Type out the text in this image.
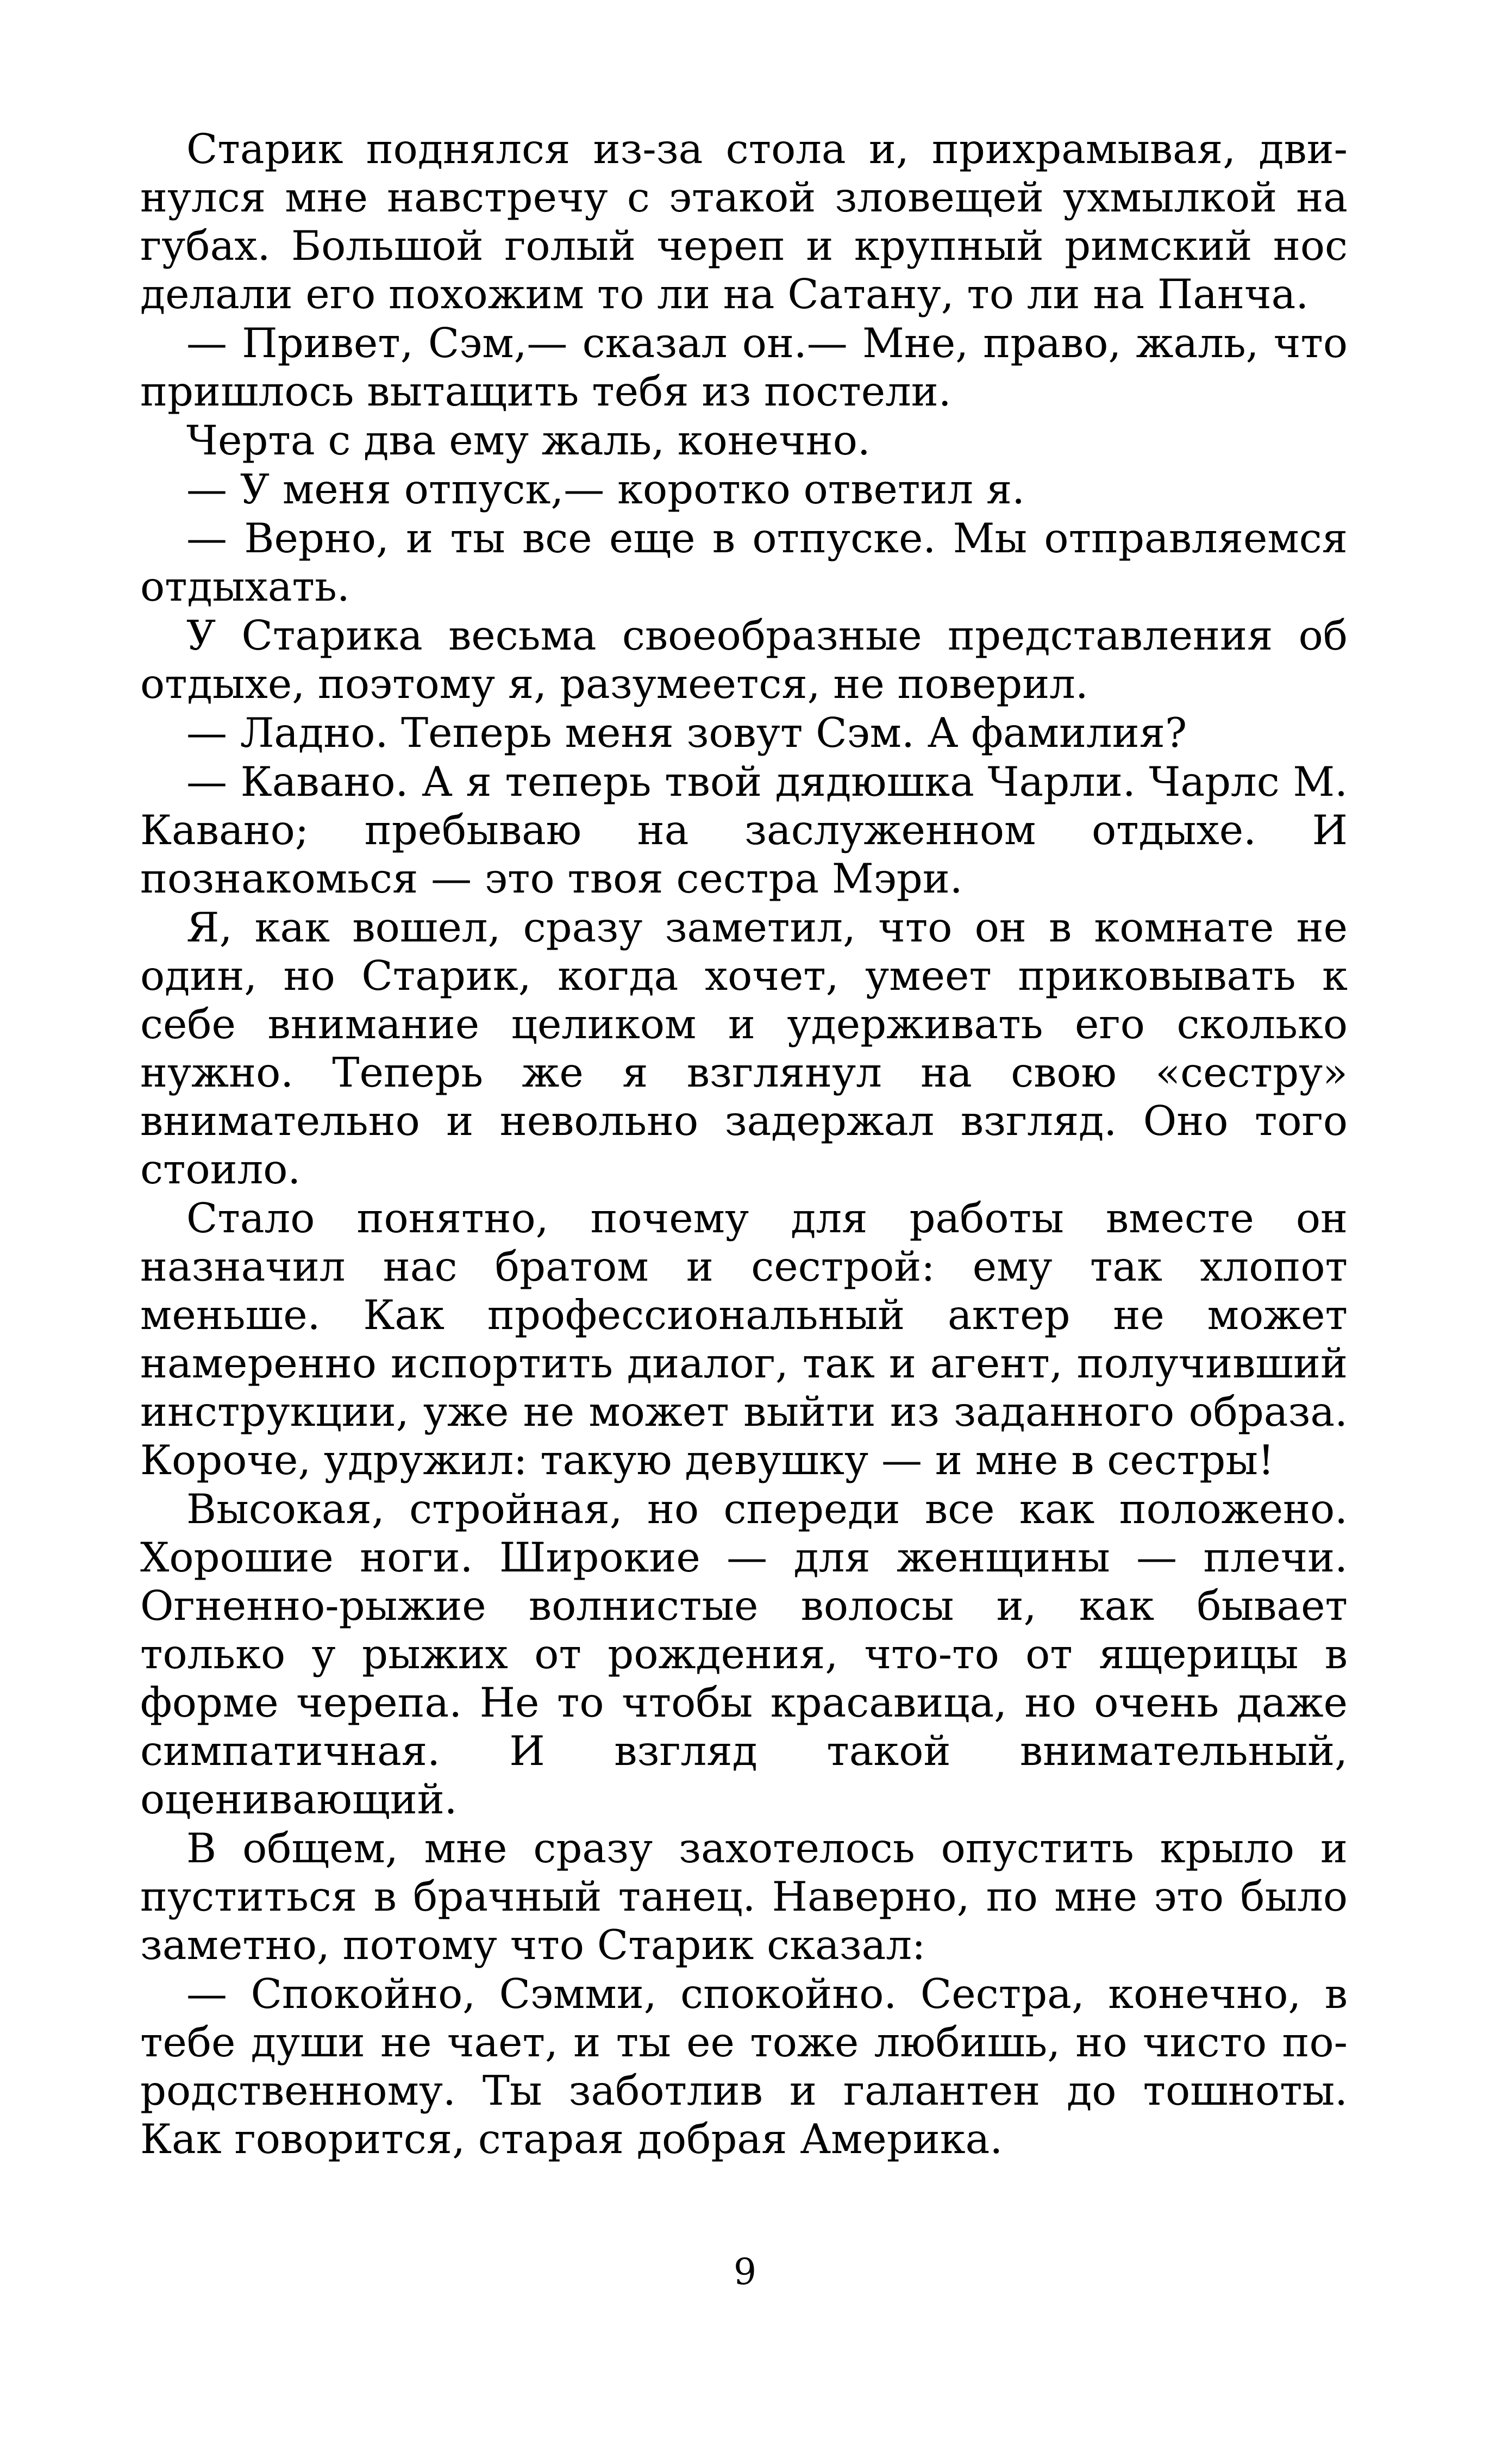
Старик поднялся из-за стола и, прихрамывая, двинулся мне навстречу с этакой зловещей ухмылкой на губах. Большой голый череп и крупный римский нос делали его похожим то ли на Сатану, то ли на Панча.

— Привет, Сэм,— сказал он.— Мне, право, жаль, что пришлось вытащить тебя из постели.

Черта с два ему жаль, конечно.

— У меня отпуск,— коротко ответил я.

— Верно, и ты все еще в отпуске. Мы отправляемся отдыхать.

У Старика весьма своеобразные представления об отдыхе, поэтому я, разумеется, не поверил.

— Ладно. Теперь меня зовут Сэм. А фамилия?

— Кавано. А я теперь твой дядюшка Чарли. Чарлс М. Кавано; пребываю на заслуженном отдыхе. И познакомься — это твоя сестра Мэри.

Я, как вошел, сразу заметил, что он в комнате не один, но Старик, когда хочет, умеет приковывать к себе внимание целиком и удерживать его сколько нужно. Теперь же я взглянул на свою «сестру» внимательно и невольно задержал взгляд. Оно того стоило.

Стало понятно, почему для работы вместе он назначил нас братом и сестрой: ему так хлопот меньше. Как профессиональный актер не может намеренно испортить диалог, так и агент, получивший инструкции, уже не может выйти из заданного образа. Короче, удружил: такую девушку — и мне в сестры!

Высокая, стройная, но спереди все как положено. Хорошие ноги. Широкие — для женщины — плечи. Огненно-рыжие волнистые волосы и, как бывает только у рыжих от рождения, что-то от ящерицы в форме черепа. Не то чтобы красавица, но очень даже симпатичная. И взгляд такой внимательный, оценивающий.

В общем, мне сразу захотелось опустить крыло и пуститься в брачный танец. Наверно, по мне это было заметно, потому что Старик сказал:

— Спокойно, Сэмми, спокойно. Сестра, конечно, в тебе души не чает, и ты ее тоже любишь, но чисто по-родственному. Ты заботлив и галантен до тошноты. Как говорится, старая добрая Америка.

9
